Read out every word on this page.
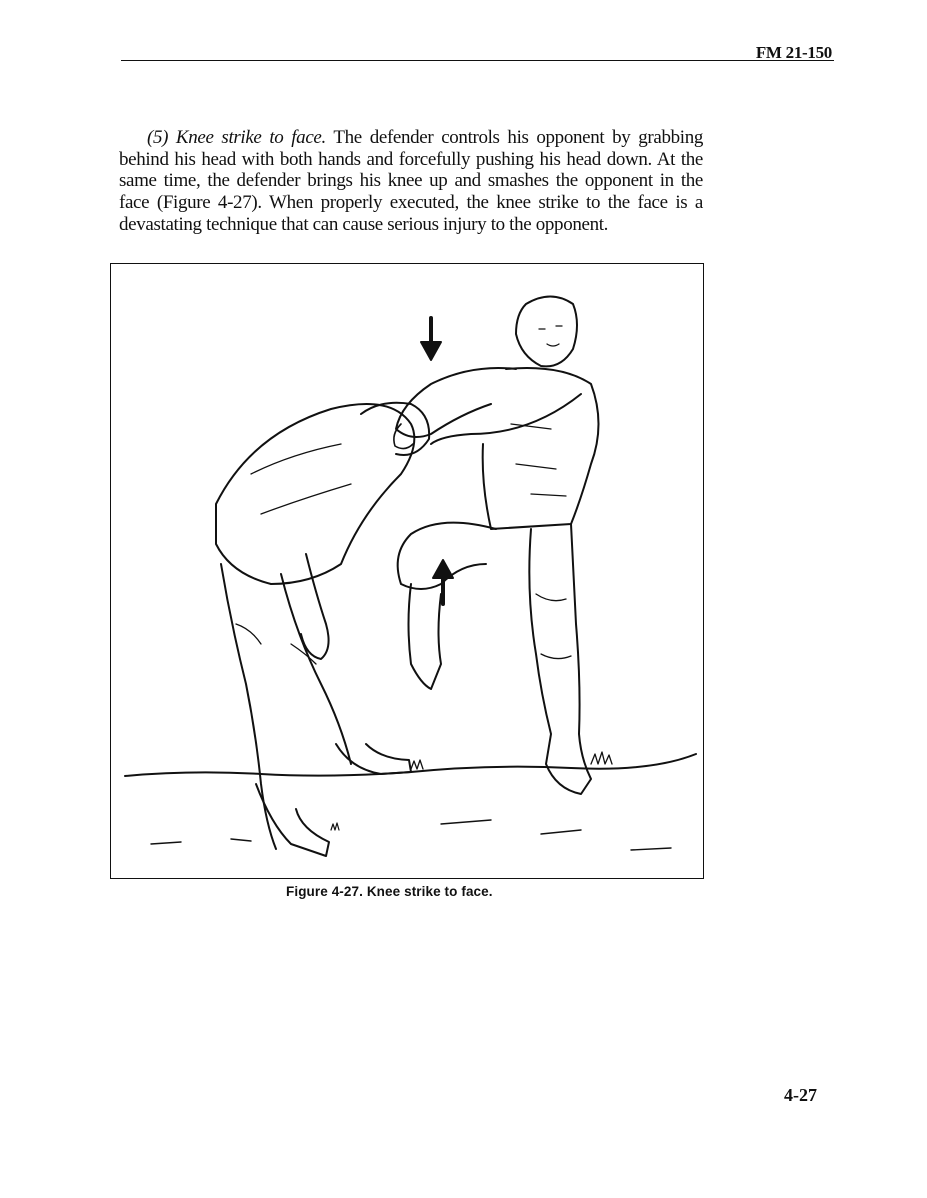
FM 21-150

(5) Knee strike to face. The defender controls his opponent by grabbing behind his head with both hands and forcefully pushing his head down. At the same time, the defender brings his knee up and smashes the opponent in the face (Figure 4-27). When properly executed, the knee strike to the face is a devastating technique that can cause serious injury to the opponent.

Figure 4-27. Knee strike to face.
4-27
